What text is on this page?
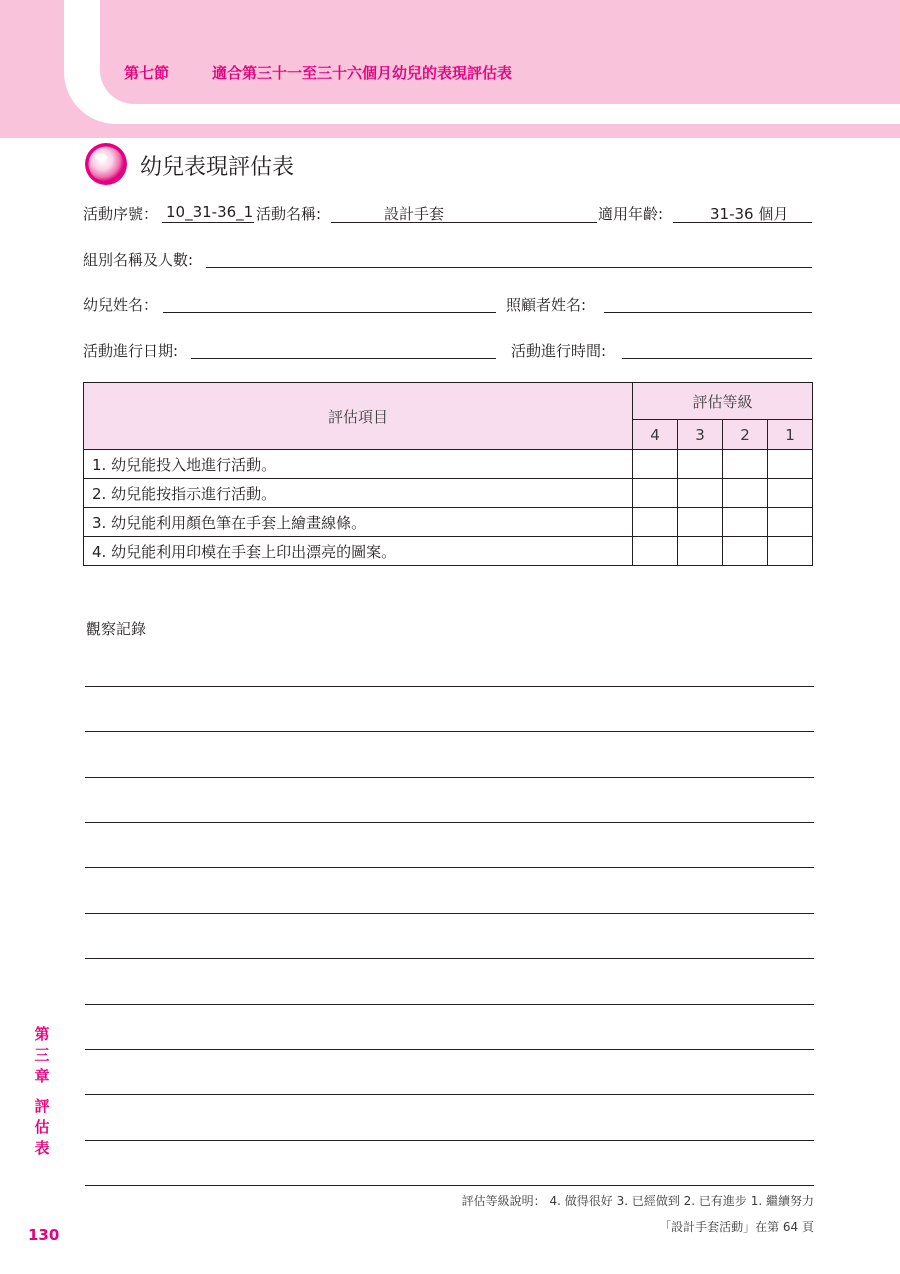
第七節	適合第三十一至三十六個月幼兒的表現評估表
幼兒表現評估表
活動序號： 10_31-36_1 活動名稱:	設計手套	適用年齡:	31-36 個月
組別名稱及人數:
幼兒姓名：	照顧者姓名:
活動進行日期:	活動進行時間:
評估項目	評估等級			
	4	3	2	1
1. 幼兒能投入地進行活動。				
2. 幼兒能按指示進行活動。				
3. 幼兒能利用顏色筆在手套上繪畫線條。				
4. 幼兒能利用印模在手套上印出漂亮的圖案。				
觀察記錄
評估等級說明： 4. 做得很好 3. 已經做到 2. 已有進步 1. 繼續努力
「設計手套活動」在第 64 頁
第三章
評估表
130
